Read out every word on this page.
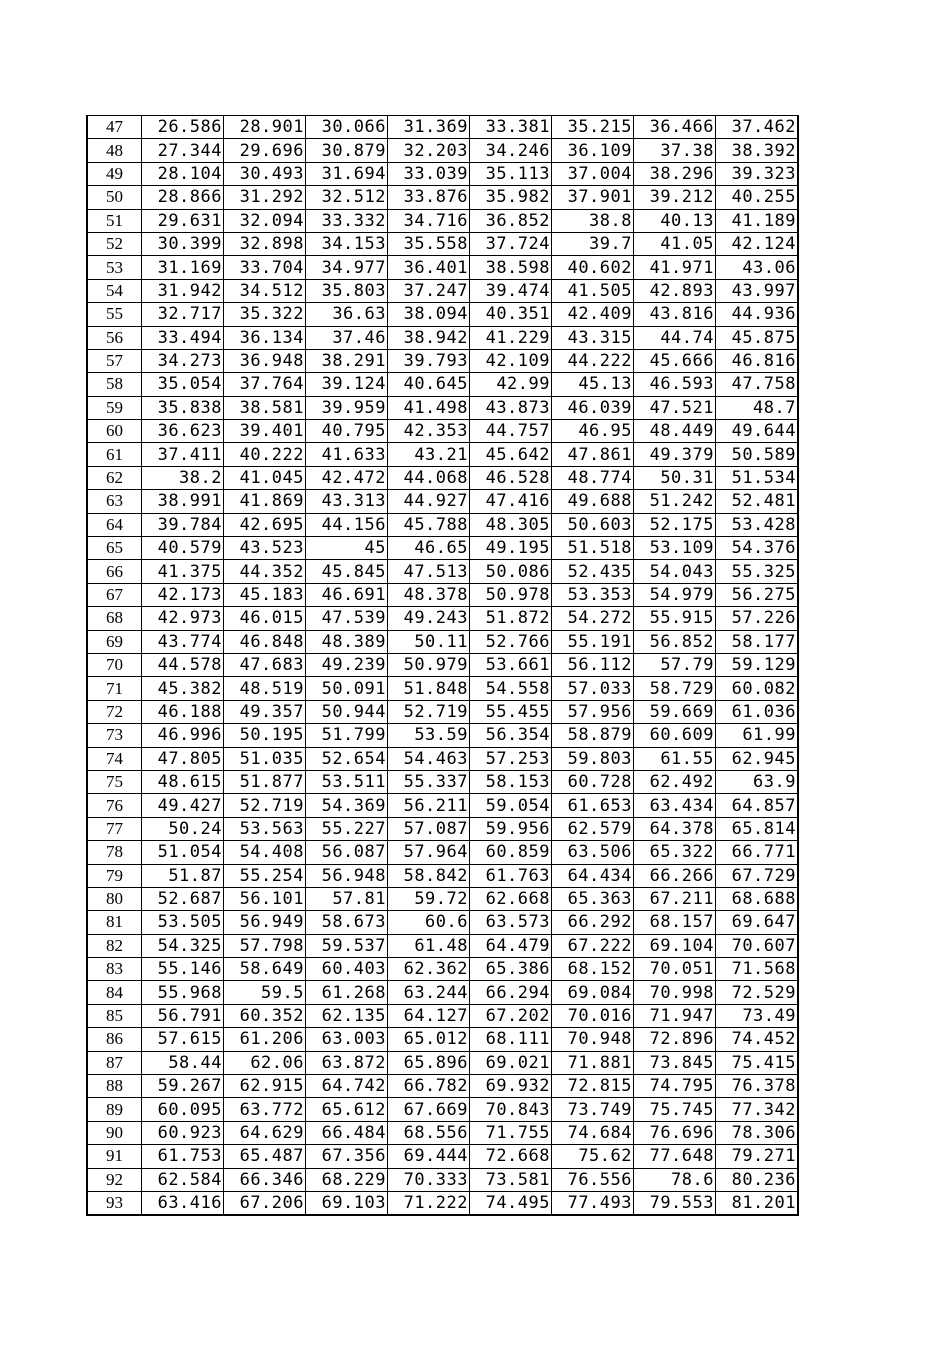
47	26.586	28.901	30.066	31.369	33.381	35.215	36.466	37.462
48	27.344	29.696	30.879	32.203	34.246	36.109	37.38	38.392
49	28.104	30.493	31.694	33.039	35.113	37.004	38.296	39.323
50	28.866	31.292	32.512	33.876	35.982	37.901	39.212	40.255
51	29.631	32.094	33.332	34.716	36.852	38.8	40.13	41.189
52	30.399	32.898	34.153	35.558	37.724	39.7	41.05	42.124
53	31.169	33.704	34.977	36.401	38.598	40.602	41.971	43.06
54	31.942	34.512	35.803	37.247	39.474	41.505	42.893	43.997
55	32.717	35.322	36.63	38.094	40.351	42.409	43.816	44.936
56	33.494	36.134	37.46	38.942	41.229	43.315	44.74	45.875
57	34.273	36.948	38.291	39.793	42.109	44.222	45.666	46.816
58	35.054	37.764	39.124	40.645	42.99	45.13	46.593	47.758
59	35.838	38.581	39.959	41.498	43.873	46.039	47.521	48.7
60	36.623	39.401	40.795	42.353	44.757	46.95	48.449	49.644
61	37.411	40.222	41.633	43.21	45.642	47.861	49.379	50.589
62	38.2	41.045	42.472	44.068	46.528	48.774	50.31	51.534
63	38.991	41.869	43.313	44.927	47.416	49.688	51.242	52.481
64	39.784	42.695	44.156	45.788	48.305	50.603	52.175	53.428
65	40.579	43.523	45	46.65	49.195	51.518	53.109	54.376
66	41.375	44.352	45.845	47.513	50.086	52.435	54.043	55.325
67	42.173	45.183	46.691	48.378	50.978	53.353	54.979	56.275
68	42.973	46.015	47.539	49.243	51.872	54.272	55.915	57.226
69	43.774	46.848	48.389	50.11	52.766	55.191	56.852	58.177
70	44.578	47.683	49.239	50.979	53.661	56.112	57.79	59.129
71	45.382	48.519	50.091	51.848	54.558	57.033	58.729	60.082
72	46.188	49.357	50.944	52.719	55.455	57.956	59.669	61.036
73	46.996	50.195	51.799	53.59	56.354	58.879	60.609	61.99
74	47.805	51.035	52.654	54.463	57.253	59.803	61.55	62.945
75	48.615	51.877	53.511	55.337	58.153	60.728	62.492	63.9
76	49.427	52.719	54.369	56.211	59.054	61.653	63.434	64.857
77	50.24	53.563	55.227	57.087	59.956	62.579	64.378	65.814
78	51.054	54.408	56.087	57.964	60.859	63.506	65.322	66.771
79	51.87	55.254	56.948	58.842	61.763	64.434	66.266	67.729
80	52.687	56.101	57.81	59.72	62.668	65.363	67.211	68.688
81	53.505	56.949	58.673	60.6	63.573	66.292	68.157	69.647
82	54.325	57.798	59.537	61.48	64.479	67.222	69.104	70.607
83	55.146	58.649	60.403	62.362	65.386	68.152	70.051	71.568
84	55.968	59.5	61.268	63.244	66.294	69.084	70.998	72.529
85	56.791	60.352	62.135	64.127	67.202	70.016	71.947	73.49
86	57.615	61.206	63.003	65.012	68.111	70.948	72.896	74.452
87	58.44	62.06	63.872	65.896	69.021	71.881	73.845	75.415
88	59.267	62.915	64.742	66.782	69.932	72.815	74.795	76.378
89	60.095	63.772	65.612	67.669	70.843	73.749	75.745	77.342
90	60.923	64.629	66.484	68.556	71.755	74.684	76.696	78.306
91	61.753	65.487	67.356	69.444	72.668	75.62	77.648	79.271
92	62.584	66.346	68.229	70.333	73.581	76.556	78.6	80.236
93	63.416	67.206	69.103	71.222	74.495	77.493	79.553	81.201
